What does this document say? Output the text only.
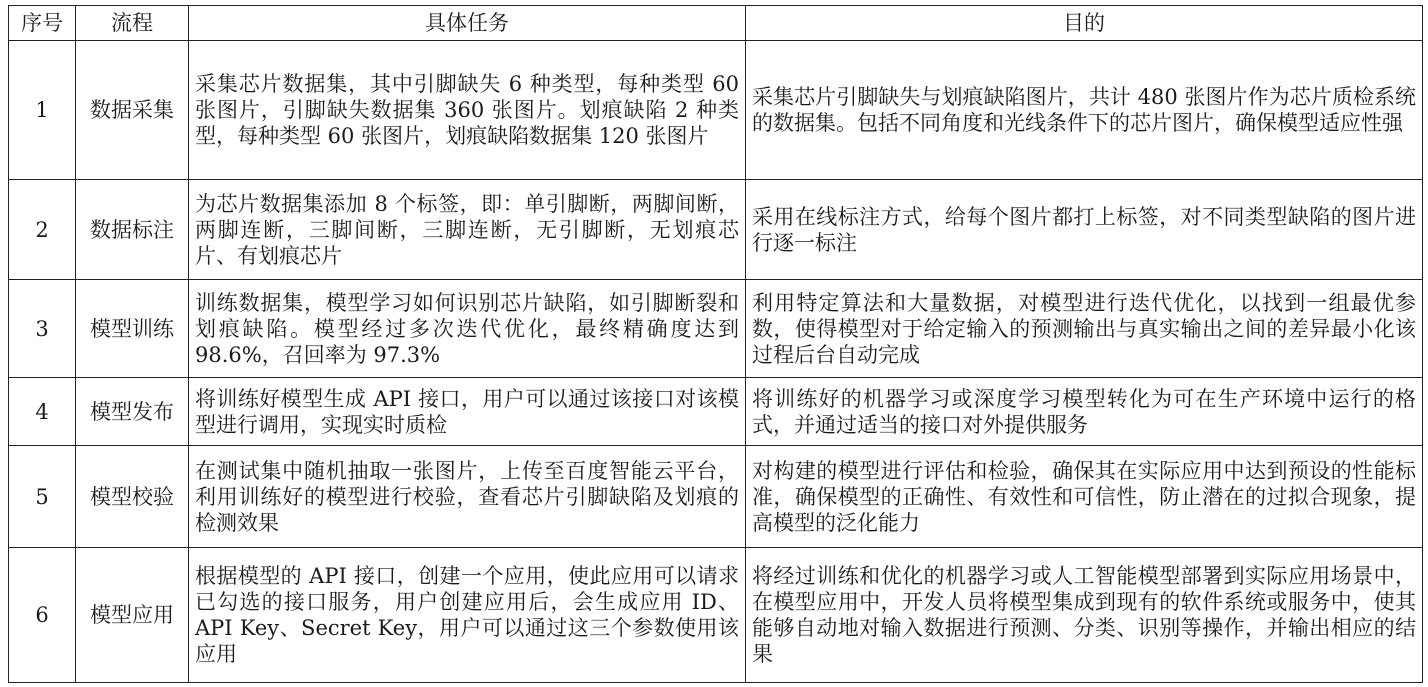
序号	流程	具体任务	目的
1	数据采集	采集芯片数据集，其中引脚缺失 6 种类型，每种类型 60 张图片，引脚缺失数据集 360 张图片。划痕缺陷 2 种类型，每种类型 60 张图片，划痕缺陷数据集 120 张图片	采集芯片引脚缺失与划痕缺陷图片，共计 480 张图片作为芯片质检系统的数据集。包括不同角度和光线条件下的芯片图片，确保模型适应性强
2	数据标注	为芯片数据集添加 8 个标签，即：单引脚断，两脚间断，两脚连断，三脚间断，三脚连断，无引脚断，无划痕芯片、有划痕芯片	采用在线标注方式，给每个图片都打上标签，对不同类型缺陷的图片进行逐一标注
3	模型训练	训练数据集，模型学习如何识别芯片缺陷，如引脚断裂和划痕缺陷。模型经过多次迭代优化，最终精确度达到 98.6%，召回率为 97.3%	利用特定算法和大量数据，对模型进行迭代优化，以找到一组最优参数，使得模型对于给定输入的预测输出与真实输出之间的差异最小化该过程后台自动完成
4	模型发布	将训练好模型生成 API 接口，用户可以通过该接口对该模型进行调用，实现实时质检	将训练好的机器学习或深度学习模型转化为可在生产环境中运行的格式，并通过适当的接口对外提供服务
5	模型校验	在测试集中随机抽取一张图片，上传至百度智能云平台，利用训练好的模型进行校验，查看芯片引脚缺陷及划痕的检测效果	对构建的模型进行评估和检验，确保其在实际应用中达到预设的性能标准，确保模型的正确性、有效性和可信性，防止潜在的过拟合现象，提高模型的泛化能力
6	模型应用	根据模型的 API 接口，创建一个应用，使此应用可以请求已勾选的接口服务，用户创建应用后，会生成应用 ID、API Key、Secret Key，用户可以通过这三个参数使用该应用	将经过训练和优化的机器学习或人工智能模型部署到实际应用场景中，在模型应用中，开发人员将模型集成到现有的软件系统或服务中，使其能够自动地对输入数据进行预测、分类、识别等操作，并输出相应的结果
